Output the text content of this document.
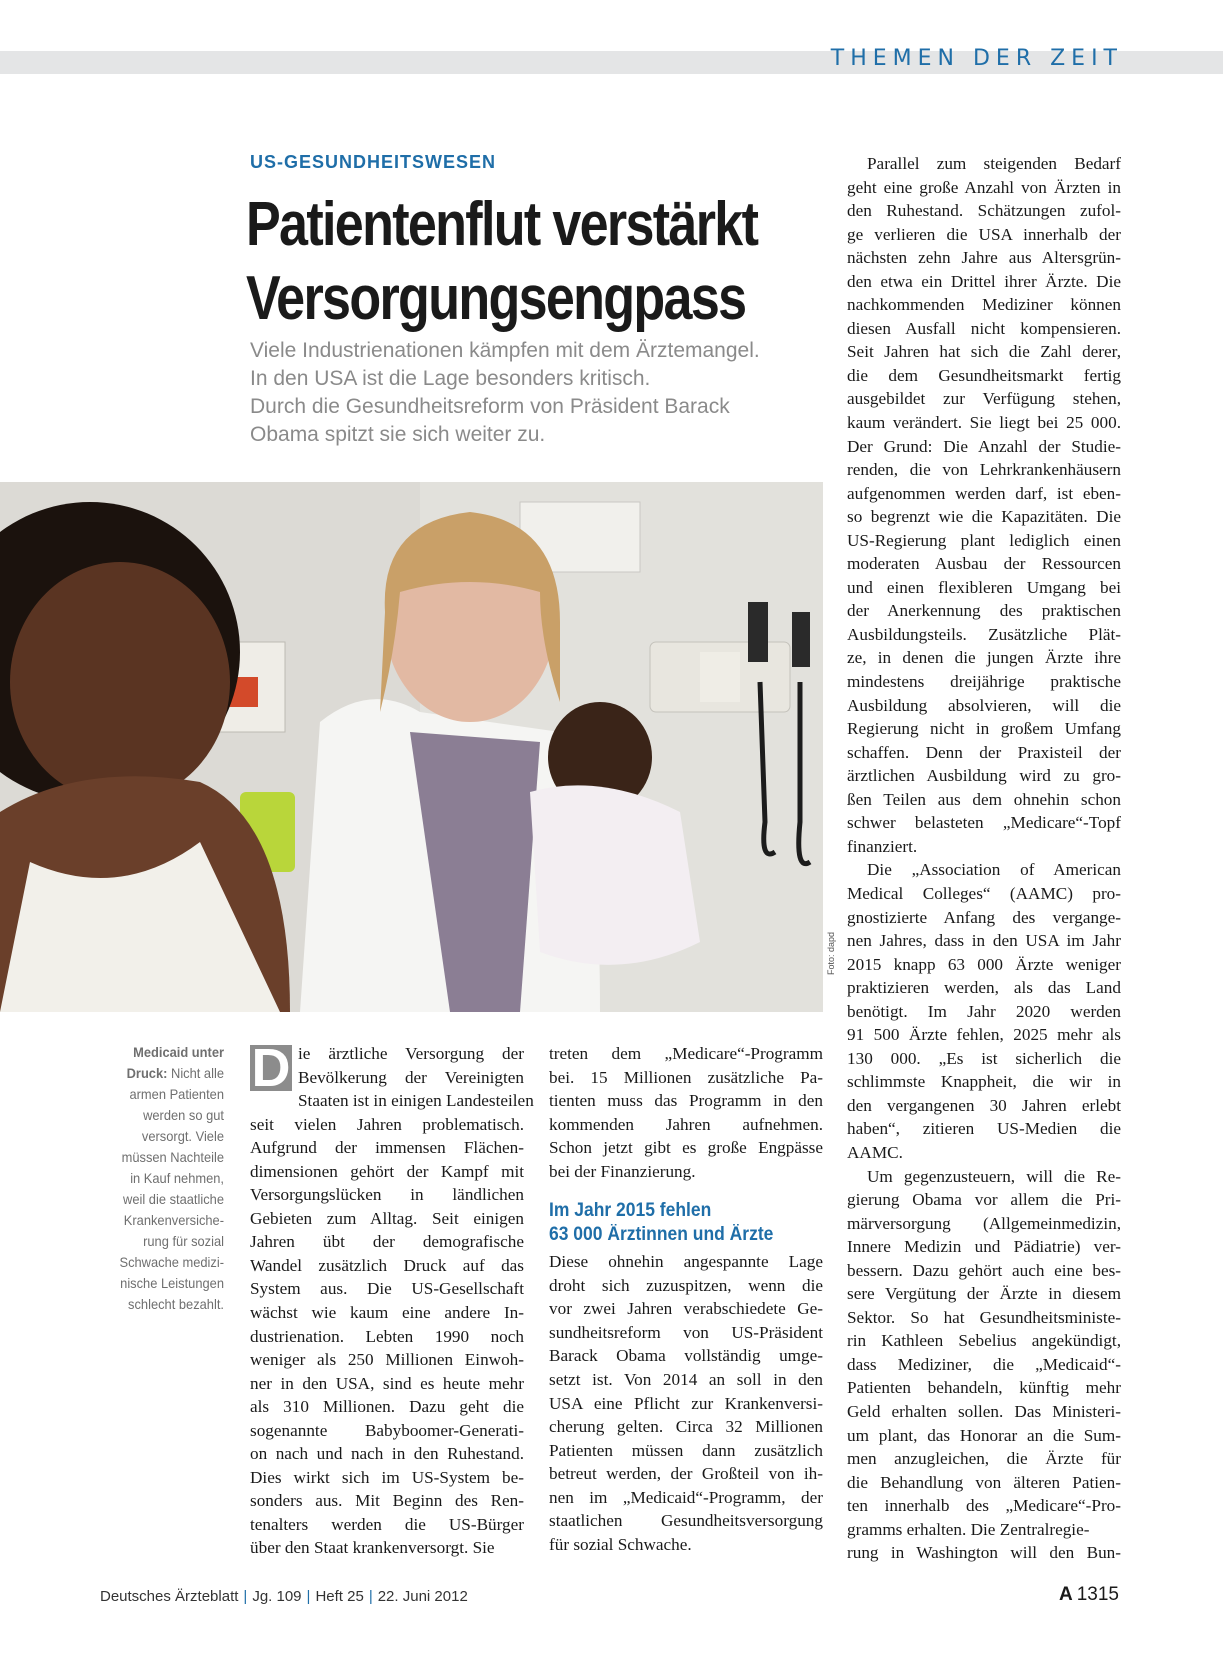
THEMEN DER ZEIT
US-GESUNDHEITSWESEN
Patientenflut verstärkt
Versorgungsengpass
Viele Industrienationen kämpfen mit dem Ärztemangel.
In den USA ist die Lage besonders kritisch.
Durch die Gesundheitsreform von Präsident Barack
Obama spitzt sie sich weiter zu.
Foto: dapd
Medicaid unter
Druck: Nicht alle
armen Patienten
werden so gut
versorgt. Viele
müssen Nachteile
in Kauf nehmen,
weil die staatliche
Krankenversiche-
rung für sozial
Schwache medizi-
nische Leistungen
schlecht bezahlt.
D ie ärztliche Versorgung der
Bevölkerung der Vereinigten
Staaten ist in einigen Landesteilen
seit vielen Jahren problematisch.
Aufgrund der immensen Flächen-
dimensionen gehört der Kampf mit
Versorgungslücken in ländlichen
Gebieten zum Alltag. Seit einigen
Jahren übt der demografische
Wandel zusätzlich Druck auf das
System aus. Die US-Gesellschaft
wächst wie kaum eine andere In-
dustrienation. Lebten 1990 noch
weniger als 250 Millionen Einwoh-
ner in den USA, sind es heute mehr
als 310 Millionen. Dazu geht die
sogenannte Babyboomer-Generati-
on nach und nach in den Ruhestand.
Dies wirkt sich im US-System be-
sonders aus. Mit Beginn des Ren-
tenalters werden die US-Bürger
über den Staat krankenversorgt. Sie
treten dem „Medicare“-Programm
bei. 15 Millionen zusätzliche Pa-
tienten muss das Programm in den
kommenden Jahren aufnehmen.
Schon jetzt gibt es große Engpässe
bei der Finanzierung.
Im Jahr 2015 fehlen
63 000 Ärztinnen und Ärzte
Diese ohnehin angespannte Lage
droht sich zuzuspitzen, wenn die
vor zwei Jahren verabschiedete Ge-
sundheitsreform von US-Präsident
Barack Obama vollständig umge-
setzt ist. Von 2014 an soll in den
USA eine Pflicht zur Krankenversi-
cherung gelten. Circa 32 Millionen
Patienten müssen dann zusätzlich
betreut werden, der Großteil von ih-
nen im „Medicaid“-Programm, der
staatlichen Gesundheitsversorgung
für sozial Schwache.
Parallel zum steigenden Bedarf
geht eine große Anzahl von Ärzten in
den Ruhestand. Schätzungen zufol-
ge verlieren die USA innerhalb der
nächsten zehn Jahre aus Altersgrün-
den etwa ein Drittel ihrer Ärzte. Die
nachkommenden Mediziner können
diesen Ausfall nicht kompensieren.
Seit Jahren hat sich die Zahl derer,
die dem Gesundheitsmarkt fertig
ausgebildet zur Verfügung stehen,
kaum verändert. Sie liegt bei 25 000.
Der Grund: Die Anzahl der Studie-
renden, die von Lehrkrankenhäusern
aufgenommen werden darf, ist eben-
so begrenzt wie die Kapazitäten. Die
US-Regierung plant lediglich einen
moderaten Ausbau der Ressourcen
und einen flexibleren Umgang bei
der Anerkennung des praktischen
Ausbildungsteils. Zusätzliche Plät-
ze, in denen die jungen Ärzte ihre
mindestens dreijährige praktische
Ausbildung absolvieren, will die
Regierung nicht in großem Umfang
schaffen. Denn der Praxisteil der
ärztlichen Ausbildung wird zu gro-
ßen Teilen aus dem ohnehin schon
schwer belasteten „Medicare“-Topf
finanziert.
Die „Association of American
Medical Colleges“ (AAMC) pro-
gnostizierte Anfang des vergange-
nen Jahres, dass in den USA im Jahr
2015 knapp 63 000 Ärzte weniger
praktizieren werden, als das Land
benötigt. Im Jahr 2020 werden
91 500 Ärzte fehlen, 2025 mehr als
130 000. „Es ist sicherlich die
schlimmste Knappheit, die wir in
den vergangenen 30 Jahren erlebt
haben“, zitieren US-Medien die
AAMC.
Um gegenzusteuern, will die Re-
gierung Obama vor allem die Pri-
märversorgung (Allgemeinmedizin,
Innere Medizin und Pädiatrie) ver-
bessern. Dazu gehört auch eine bes-
sere Vergütung der Ärzte in diesem
Sektor. So hat Gesundheitsministe-
rin Kathleen Sebelius angekündigt,
dass Mediziner, die „Medicaid“-
Patienten behandeln, künftig mehr
Geld erhalten sollen. Das Ministeri-
um plant, das Honorar an die Sum-
men anzugleichen, die Ärzte für
die Behandlung von älteren Patien-
ten innerhalb des „Medicare“-Pro-
gramms erhalten. Die Zentralregie-
rung in Washington will den Bun-
Deutsches Ärzteblatt | Jg. 109 | Heft 25 | 22. Juni 2012	A 1315
